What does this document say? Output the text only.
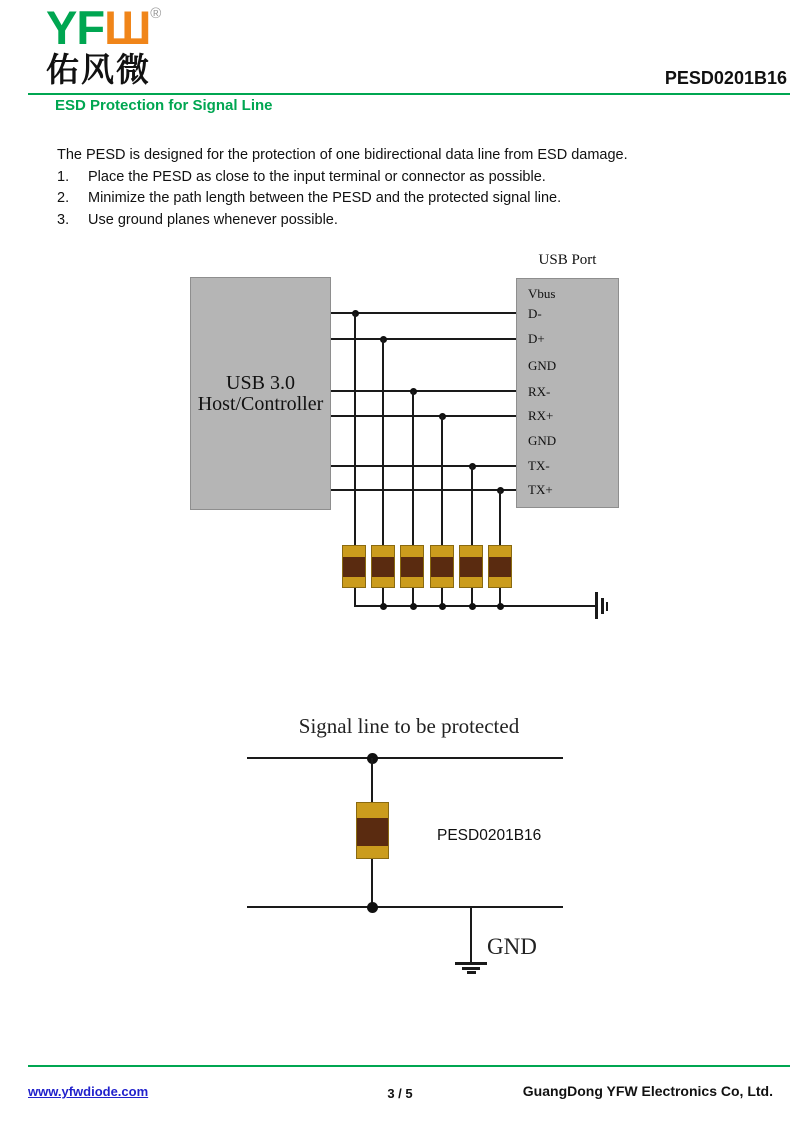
YFШ®
佑风微	PESD0201B16
ESD Protection for Signal Line
The PESD is designed for the protection of one bidirectional data line from ESD damage.
1. Place the PESD as close to the input terminal or connector as possible.
2. Minimize the path length between the PESD and the protected signal line.
3. Use ground planes whenever possible.
USB 3.0
Host/Controller
USB Port
Vbus
D-
D+
GND
RX-
RX+
GND
TX-
TX+
Signal line to be protected
PESD0201B16
GND
www.yfwdiode.com	3 / 5	GuangDong YFW Electronics Co, Ltd.
